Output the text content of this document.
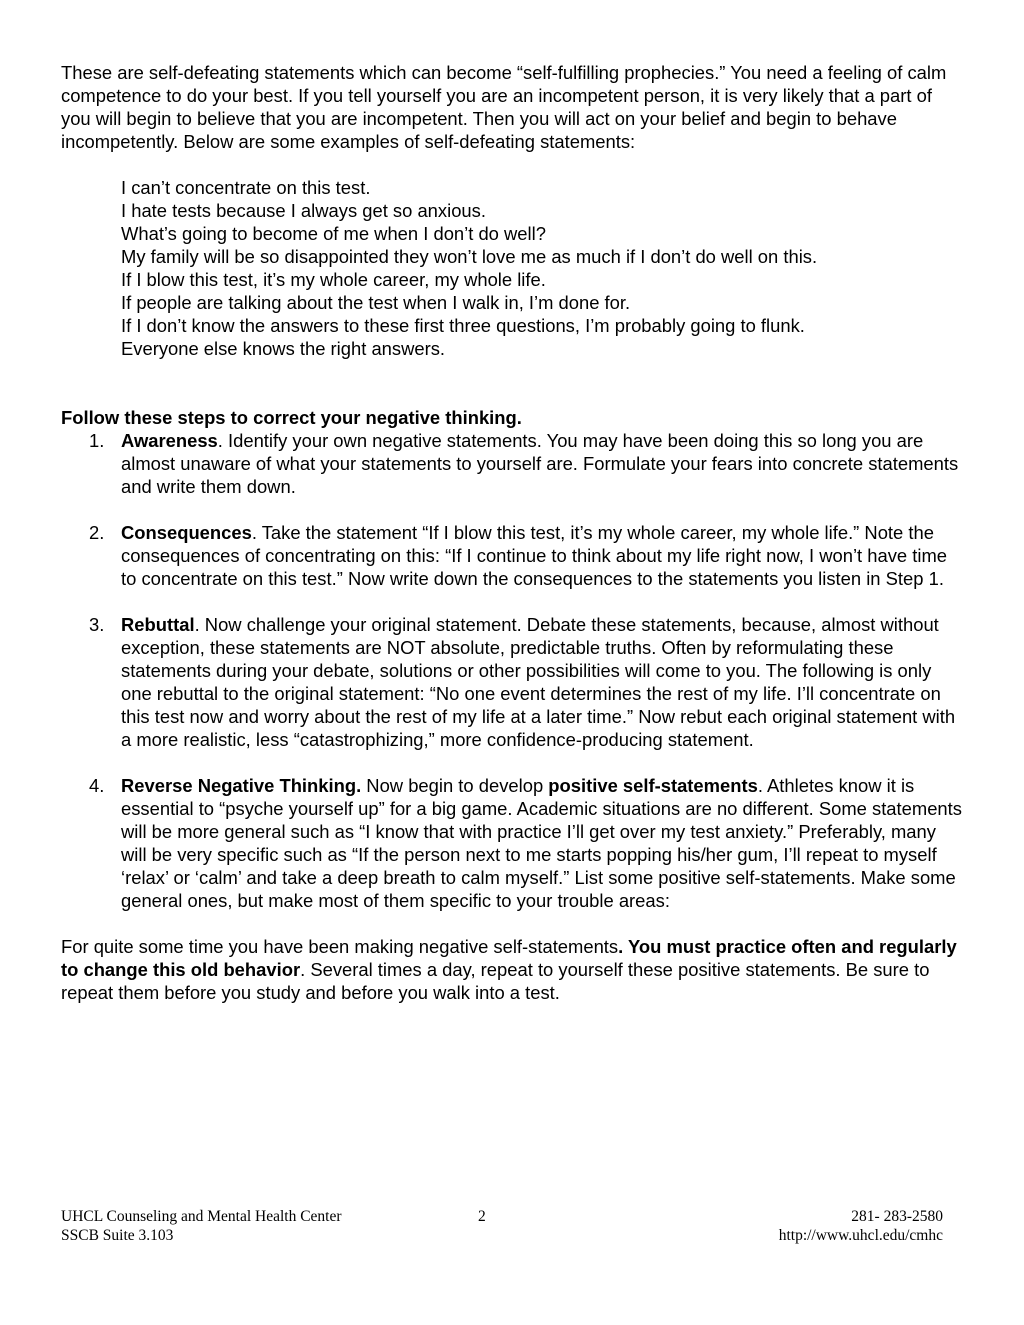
These are self-defeating statements which can become “self-fulfilling prophecies.” You need a feeling of calm competence to do your best. If you tell yourself you are an incompetent person, it is very likely that a part of you will begin to believe that you are incompetent. Then you will act on your belief and begin to behave incompetently. Below are some examples of self-defeating statements:

I can’t concentrate on this test.
I hate tests because I always get so anxious.
What’s going to become of me when I don’t do well?
My family will be so disappointed they won’t love me as much if I don’t do well on this.
If I blow this test, it’s my whole career, my whole life.
If people are talking about the test when I walk in, I’m done for.
If I don’t know the answers to these first three questions, I’m probably going to flunk.
Everyone else knows the right answers.

Follow these steps to correct your negative thinking.

1. Awareness. Identify your own negative statements. You may have been doing this so long you are almost unaware of what your statements to yourself are. Formulate your fears into concrete statements and write them down.
2. Consequences. Take the statement “If I blow this test, it’s my whole career, my whole life.” Note the consequences of concentrating on this: “If I continue to think about my life right now, I won’t have time to concentrate on this test.” Now write down the consequences to the statements you listen in Step 1.
3. Rebuttal. Now challenge your original statement. Debate these statements, because, almost without exception, these statements are NOT absolute, predictable truths. Often by reformulating these statements during your debate, solutions or other possibilities will come to you. The following is only one rebuttal to the original statement: “No one event determines the rest of my life. I’ll concentrate on this test now and worry about the rest of my life at a later time.” Now rebut each original statement with a more realistic, less “catastrophizing,” more confidence-producing statement.
4. Reverse Negative Thinking. Now begin to develop positive self-statements. Athletes know it is essential to “psyche yourself up” for a big game. Academic situations are no different. Some statements will be more general such as “I know that with practice I’ll get over my test anxiety.” Preferably, many will be very specific such as “If the person next to me starts popping his/her gum, I’ll repeat to myself ‘relax’ or ‘calm’ and take a deep breath to calm myself.” List some positive self-statements. Make some general ones, but make most of them specific to your trouble areas:

For quite some time you have been making negative self-statements. You must practice often and regularly to change this old behavior. Several times a day, repeat to yourself these positive statements. Be sure to repeat them before you study and before you walk into a test.

UHCL Counseling and Mental Health Center	2	281- 283-2580
SSCB Suite 3.103	http://www.uhcl.edu/cmhc
